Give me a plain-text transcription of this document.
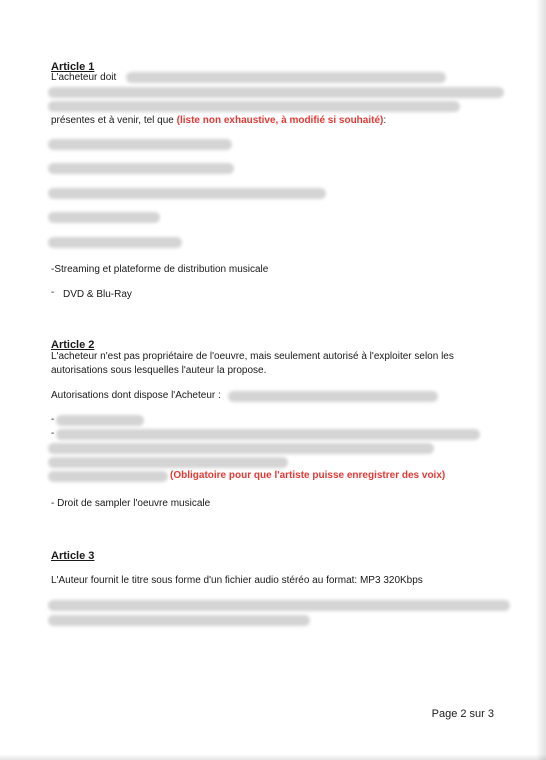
Article 1
L'acheteur doit
présentes et à venir, tel que (liste non exhaustive, à modifié si souhaité):
-Streaming et plateforme de distribution musicale
- DVD & Blu-Ray
Article 2
L'acheteur n'est pas propriétaire de l'oeuvre, mais seulement autorisé à l'exploiter selon les
autorisations sous lesquelles l'auteur la propose.
Autorisations dont dispose l'Acheteur :
-
-
(Obligatoire pour que l'artiste puisse enregistrer des voix)
- Droit de sampler l'oeuvre musicale
Article 3
L'Auteur fournit le titre sous forme d'un fichier audio stéréo au format: MP3 320Kbps
Page 2 sur 3
